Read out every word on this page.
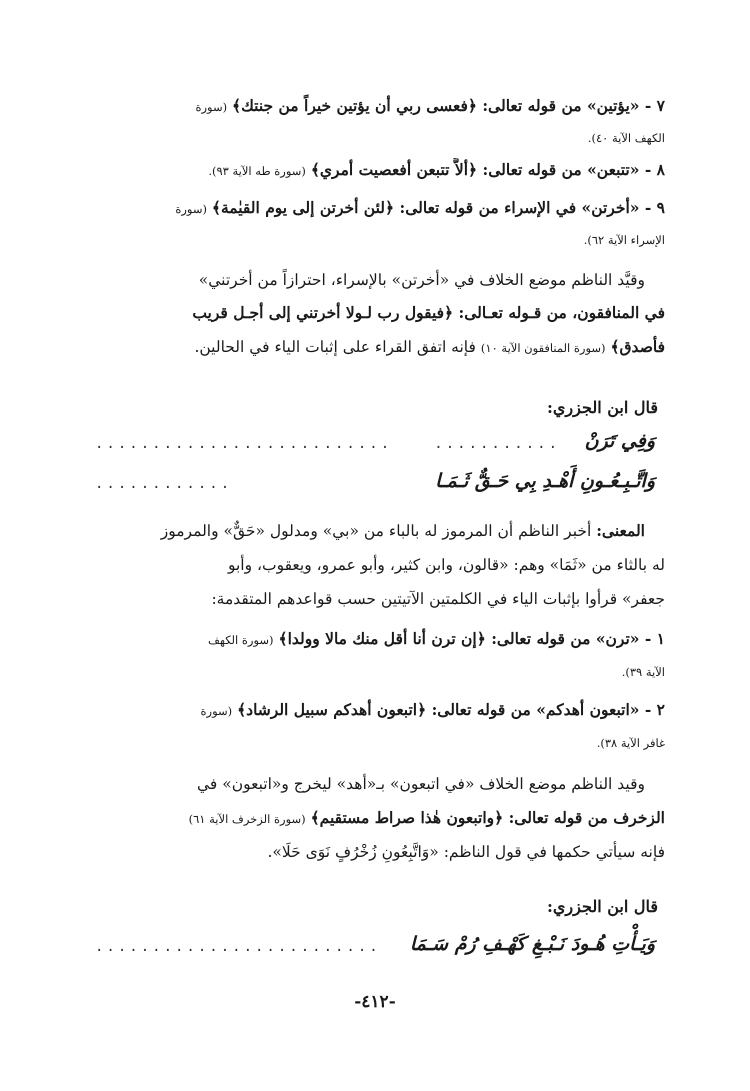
٧ - «يؤتين» من قوله تعالى: ﴿فعسى ربي أن يؤتين خيراً من جنتك﴾ (سورة
الكهف الآية ٤٠).
٨ - «تتبعن» من قوله تعالى: ﴿ألاَّ تتبعن أفعصيت أمري﴾ (سورة طه الآية ٩٣).
٩ - «أخرتن» في الإسراء من قوله تعالى: ﴿لئن أخرتن إلى يوم القيٰمة﴾ (سورة
الإسراء الآية ٦٢).
وقيَّد الناظم موضع الخلاف في «أخرتن» بالإسراء، احترازاً من أخرتني»
في المنافقون، من قـوله تعـالى: ﴿فيقول رب لـولا أخرتني إلى أجـل قريب
فأصدق﴾ (سورة المنافقون الآية ١٠) فإنه اتفق القراء على إثبات الياء في الحالين.
قال ابن الجزري:
وَفِي تَرَنْ
...........
..........................
وَاتَّـبِـعُـونِ أَهْـدِ بِي حَـقٌّ ثَـمَـا
............
المعنى: أخبر الناظم أن المرموز له بالباء من «بي» ومدلول «حَقٌّ» والمرموز
له بالثاء من «ثَمَا» وهم: «قالون، وابن كثير، وأبو عمرو، ويعقوب، وأبو
جعفر» قرأوا بإثبات الياء في الكلمتين الآتيتين حسب قواعدهم المتقدمة:
١ - «ترن» من قوله تعالى: ﴿إن ترن أنا أقل منك مالا وولدا﴾ (سورة الكهف
الآية ٣٩).
٢ - «اتبعون أهدكم» من قوله تعالى: ﴿اتبعون أهدكم سبيل الرشاد﴾ (سورة
غافر الآية ٣٨).
وقيد الناظم موضع الخلاف «في اتبعون» بـ«أهد» ليخرج و«اتبعون» في
الزخرف من قوله تعالى: ﴿واتبعون هٰذا صراط مستقيم﴾ (سورة الزخرف الآية ٦١)
فإنه سيأتي حكمها في قول الناظم: «وَاتَّبِعُونِ زُخْرُفٍ نَوَى حَلَا».
قال ابن الجزري:
وَيَـأْتِ هُـودَ نَـبْـغِ كَهْـفِ رُمْ سَـمَا
.........................
-٤١٢-
